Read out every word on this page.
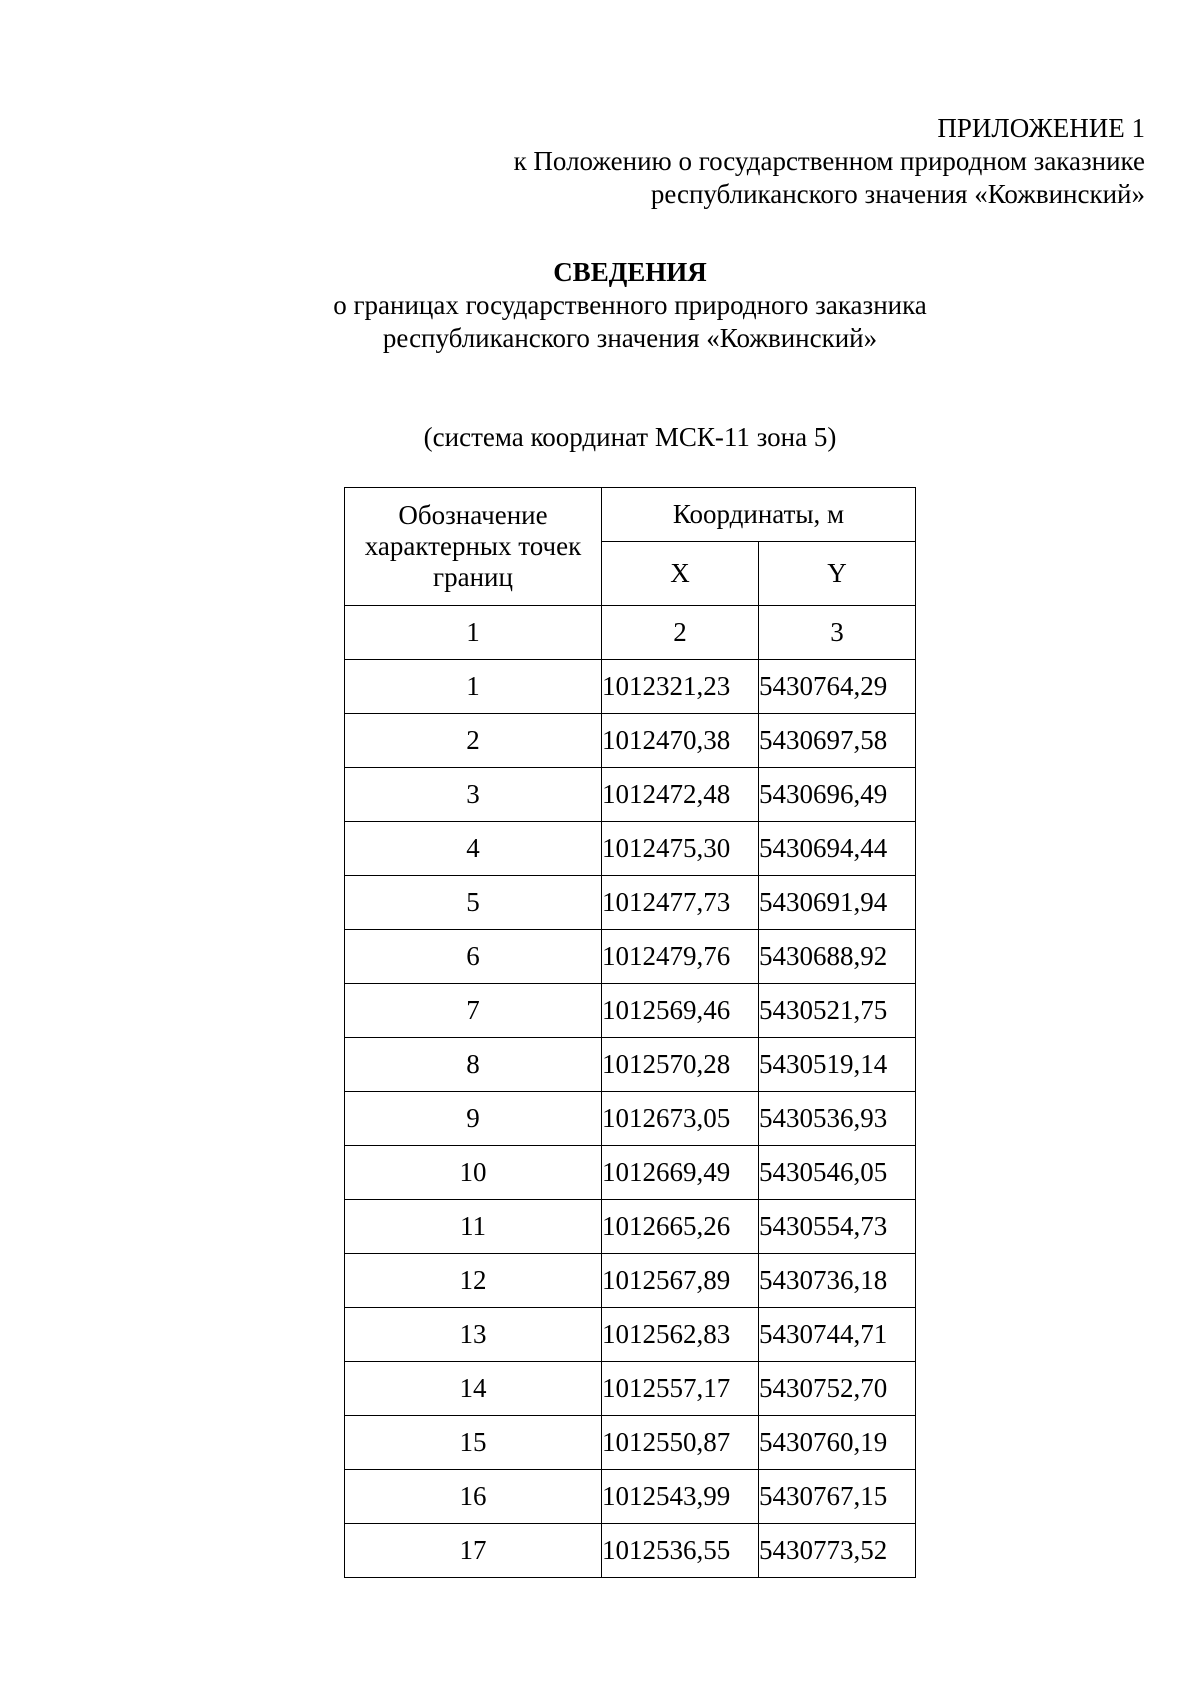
ПРИЛОЖЕНИЕ 1
к Положению о государственном природном заказнике
республиканского значения «Кожвинский»
СВЕДЕНИЯ
о границах государственного природного заказника
республиканского значения «Кожвинский»
(система координат МСК-11 зона 5)
Обозначение характерных точек границ	Координаты, м	
	X	Y
1	2	3
1	1012321,23	5430764,29
2	1012470,38	5430697,58
3	1012472,48	5430696,49
4	1012475,30	5430694,44
5	1012477,73	5430691,94
6	1012479,76	5430688,92
7	1012569,46	5430521,75
8	1012570,28	5430519,14
9	1012673,05	5430536,93
10	1012669,49	5430546,05
11	1012665,26	5430554,73
12	1012567,89	5430736,18
13	1012562,83	5430744,71
14	1012557,17	5430752,70
15	1012550,87	5430760,19
16	1012543,99	5430767,15
17	1012536,55	5430773,52
